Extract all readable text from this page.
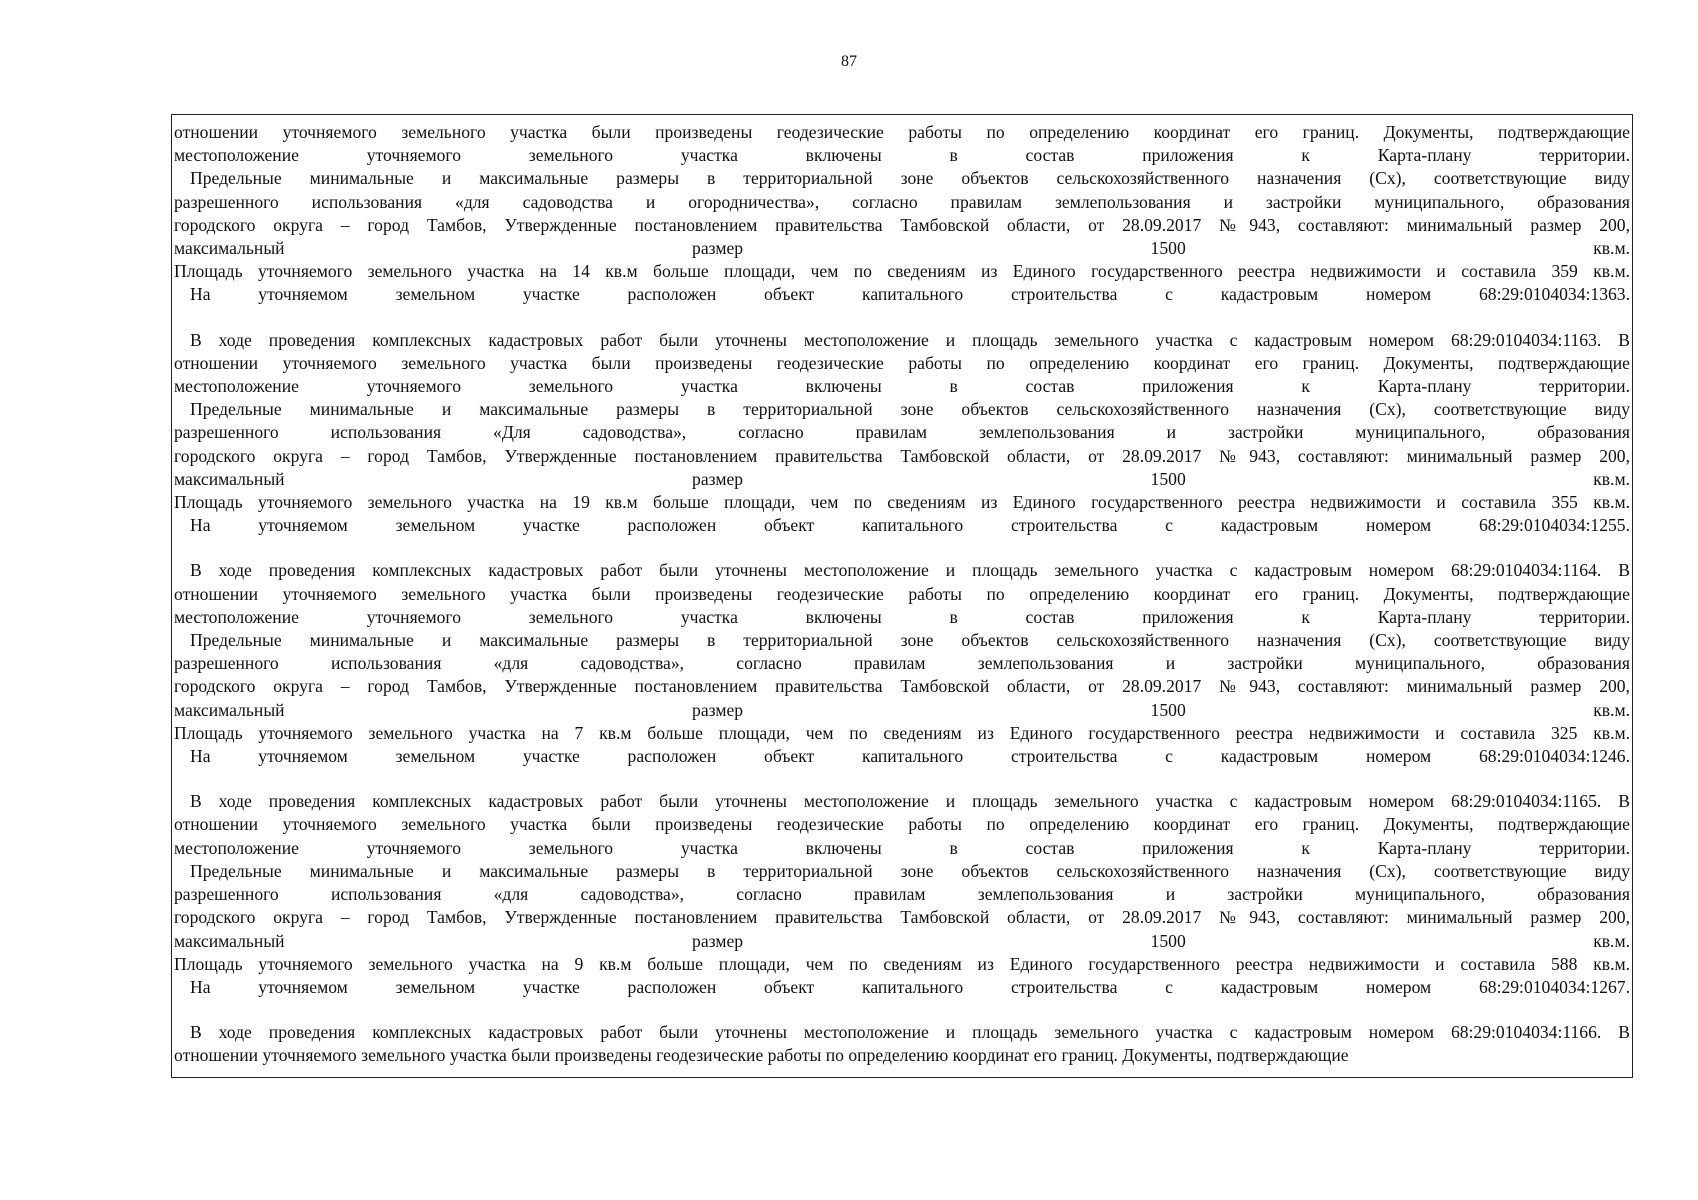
87

отношении уточняемого земельного участка были произведены геодезические работы по определению координат его границ. Документы, подтверждающие

местоположение уточняемого земельного участка включены в состав приложения к Карта-плану территории.

Предельные минимальные и максимальные размеры в территориальной зоне объектов сельскохозяйственного назначения (Сх), соответствующие виду

разрешенного использования «для садоводства и огородничества», согласно правилам землепользования и застройки муниципального, образования

городского округа – город Тамбов, Утвержденные постановлением правительства Тамбовской области, от 28.09.2017 №943, составляют: минимальный размер 200,

максимальный размер 1500 кв.м.

Площадь уточняемого земельного участка на 14 кв.м больше площади, чем по сведениям из Единого государственного реестра недвижимости и составила 359 кв.м.

На уточняемом земельном участке расположен объект капитального строительства с кадастровым номером 68:29:0104034:1363.

В ходе проведения комплексных кадастровых работ были уточнены местоположение и площадь земельного участка с кадастровым номером 68:29:0104034:1163. В

отношении уточняемого земельного участка были произведены геодезические работы по определению координат его границ. Документы, подтверждающие

местоположение уточняемого земельного участка включены в состав приложения к Карта-плану территории.

Предельные минимальные и максимальные размеры в территориальной зоне объектов сельскохозяйственного назначения (Сх), соответствующие виду

разрешенного использования «Для садоводства», согласно правилам землепользования и застройки муниципального, образования

городского округа – город Тамбов, Утвержденные постановлением правительства Тамбовской области, от 28.09.2017 №943, составляют: минимальный размер 200,

максимальный размер 1500 кв.м.

Площадь уточняемого земельного участка на 19 кв.м больше площади, чем по сведениям из Единого государственного реестра недвижимости и составила 355 кв.м.

На уточняемом земельном участке расположен объект капитального строительства с кадастровым номером 68:29:0104034:1255.

В ходе проведения комплексных кадастровых работ были уточнены местоположение и площадь земельного участка с кадастровым номером 68:29:0104034:1164. В

отношении уточняемого земельного участка были произведены геодезические работы по определению координат его границ. Документы, подтверждающие

местоположение уточняемого земельного участка включены в состав приложения к Карта-плану территории.

Предельные минимальные и максимальные размеры в территориальной зоне объектов сельскохозяйственного назначения (Сх), соответствующие виду

разрешенного использования «для садоводства», согласно правилам землепользования и застройки муниципального, образования

городского округа – город Тамбов, Утвержденные постановлением правительства Тамбовской области, от 28.09.2017 №943, составляют: минимальный размер 200,

максимальный размер 1500 кв.м.

Площадь уточняемого земельного участка на 7 кв.м больше площади, чем по сведениям из Единого государственного реестра недвижимости и составила 325 кв.м.

На уточняемом земельном участке расположен объект капитального строительства с кадастровым номером 68:29:0104034:1246.

В ходе проведения комплексных кадастровых работ были уточнены местоположение и площадь земельного участка с кадастровым номером 68:29:0104034:1165. В

отношении уточняемого земельного участка были произведены геодезические работы по определению координат его границ. Документы, подтверждающие

местоположение уточняемого земельного участка включены в состав приложения к Карта-плану территории.

Предельные минимальные и максимальные размеры в территориальной зоне объектов сельскохозяйственного назначения (Сх), соответствующие виду

разрешенного использования «для садоводства», согласно правилам землепользования и застройки муниципального, образования

городского округа – город Тамбов, Утвержденные постановлением правительства Тамбовской области, от 28.09.2017 №943, составляют: минимальный размер 200,

максимальный размер 1500 кв.м.

Площадь уточняемого земельного участка на 9 кв.м больше площади, чем по сведениям из Единого государственного реестра недвижимости и составила 588 кв.м.

На уточняемом земельном участке расположен объект капитального строительства с кадастровым номером 68:29:0104034:1267.

В ходе проведения комплексных кадастровых работ были уточнены местоположение и площадь земельного участка с кадастровым номером 68:29:0104034:1166. В

отношении уточняемого земельного участка были произведены геодезические работы по определению координат его границ. Документы, подтверждающие
